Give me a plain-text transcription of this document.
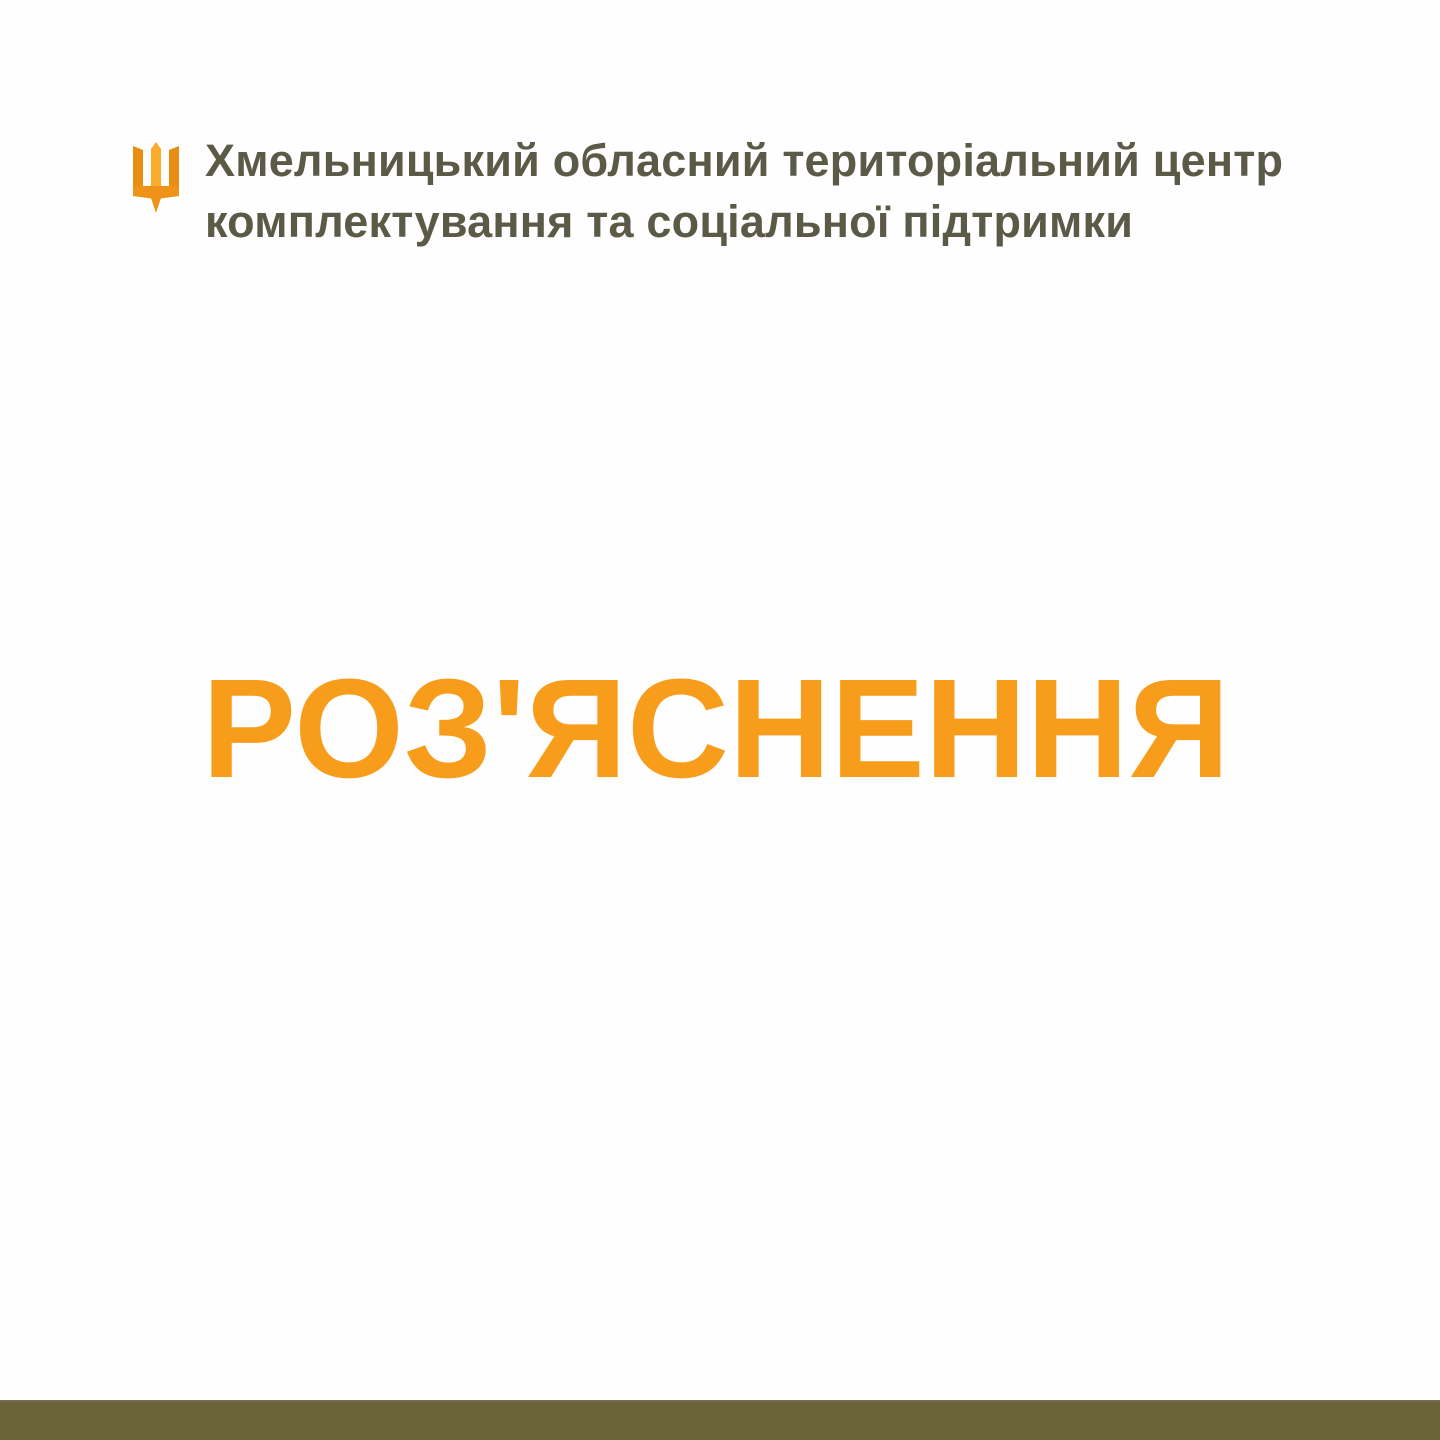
Хмельницький обласний територіальний центр
комплектування та соціальної підтримки
РОЗ'ЯСНЕННЯ
